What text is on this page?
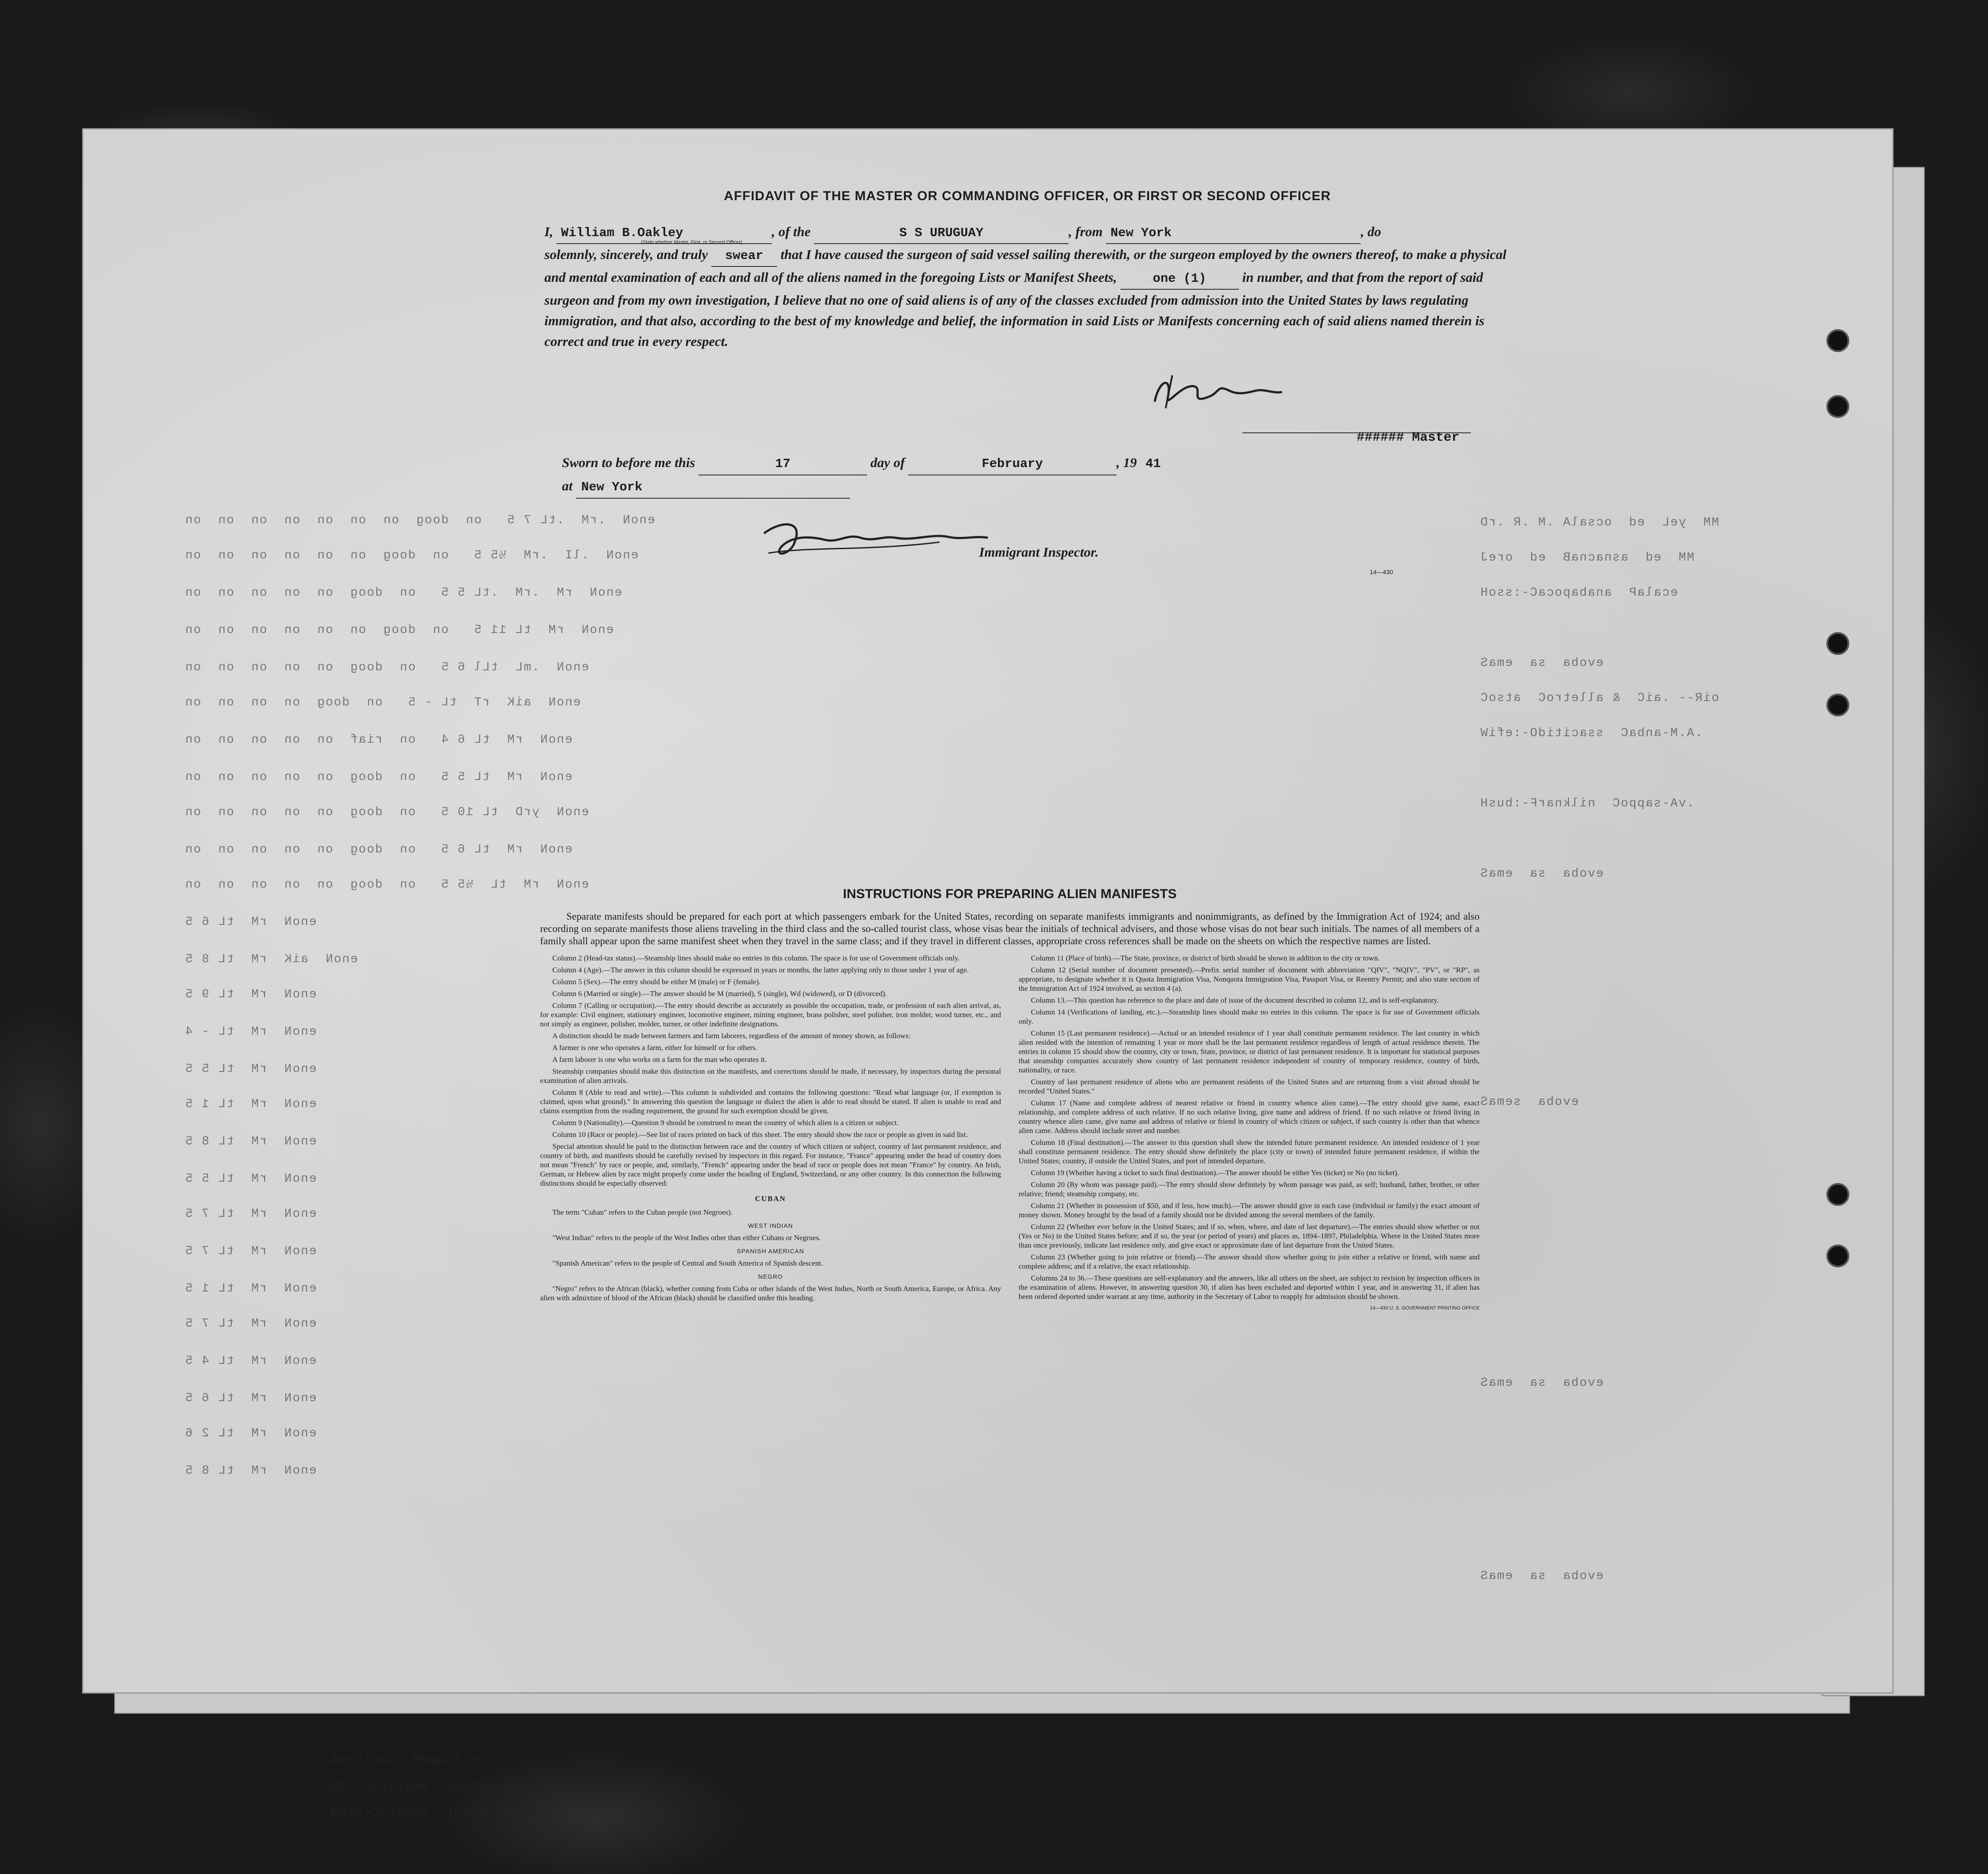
enoN  .rM  .tL 7 5   on  doog  on  on  on  on  on  on  on
enoN  .lI  .rM  ½5 5   on  doog  on  on  on  on  on  on
enoN  rM  .rM  .tL 5 5   on  doog  on  on  on  on  on
enoN  rM  tL 11 5   on  doog  on  on  on  on  on  on
enoN  .mL  tLl 6 5   on  doog  on  on  on  on  on
enoN  aiK  rT  tL - 5   on  doog  on  on  on  on
enoN  rM  tL 6 4   on  riaf  on  on  on  on  on
enoN  rM  tL 5 5   on  doog  on  on  on  on  on
enoN  yrD  tL 10 5   on  doog  on  on  on  on  on
enoN  rM  tL 6 5   on  doog  on  on  on  on  on
enoN  rM  tL  ½5 5   on  doog  on  on  on  on  on
enoN  rM  tL 6 5
enoN  aiK  rM  tL 8 5
enoN  rM  tL 9 5
enoN  rM  tL - 4
enoN  rM  tL 5 5
enoN  rM  tL 1 5
enoN  rM  tL 8 5
enoN  rM  tL 5 5
enoN  rM  tL 7 5
enoN  rM  tL 7 5
enoN  rM  tL 1 5
enoN  rM  tL 7 5
enoN  rM  tL 4 5
enoN  rM  tL 6 5
enoN  rM  tL 2 6
enoN  rM  tL 8 5
MM  yeL  ed  ocsalA .M .R .rD
MM  ed  asnacnaB  ed  oreJ
ecalaP  anabapocaC-:ssoH
evoba  sa  emaS
oiR-- .aiC  & alletroC  atsoC
.A.M-anbaC  ssacitidO-:efiW
.vA-sappoC  nilknarF-:busH
evoba  sa  emaS
evoba  semaS
evoba  sa  emaS
evoba  sa  emaS
seilbupeR  naciremA
noissimmoC  emitiraM  SU
.cnI  seniL  kcamroC-eroM
AFFIDAVIT OF THE MASTER OR COMMANDING OFFICER, OR FIRST OR SECOND OFFICER
I, William B.Oakley	, of the	S S URUGUAY	, from New York	, do
solemnly, sincerely, and truly swear that I have caused the surgeon of said vessel sailing therewith, or the surgeon employed by the owners thereof, to make a physical and mental examination of each and all of the aliens named in the foregoing Lists or Manifest Sheets,	one (1)	in number, and that from the report of said surgeon and from my own investigation, I believe that no one of said aliens is of any of the classes excluded from admission into the United States by laws regulating immigration, and that also, according to the best of my knowledge and belief, the information in said Lists or Manifests concerning each of said aliens named therein is correct and true in every respect.
(State whether Master, First, or Second Officer)
###### Master
Sworn to before me this	17	day of	February	, 19 41
at New York
Immigrant Inspector.
14—430
INSTRUCTIONS FOR PREPARING ALIEN MANIFESTS
Separate manifests should be prepared for each port at which passengers embark for the United States, recording on separate manifests immigrants and nonimmigrants, as defined by the Immigration Act of 1924; and also recording on separate manifests those aliens traveling in the third class and the so-called tourist class, whose visas bear the initials of technical advisers, and those whose visas do not bear such initials. The names of all members of a family shall appear upon the same manifest sheet when they travel in the same class; and if they travel in different classes, appropriate cross references shall be made on the sheets on which the respective names are listed.

Column 2 (Head-tax status).—Steamship lines should make no entries in this column. The space is for use of Government officials only.

Column 4 (Age).—The answer in this column should be expressed in years or months, the latter applying only to those under 1 year of age.

Column 5 (Sex).—The entry should be either M (male) or F (female).

Column 6 (Married or single).—The answer should be M (married), S (single), Wd (widowed), or D (divorced).

Column 7 (Calling or occupation).—The entry should describe as accurately as possible the occupation, trade, or profession of each alien arrival, as, for example: Civil engineer, stationary engineer, locomotive engineer, mining engineer, brass polisher, steel polisher, iron molder, wood turner, etc., and not simply as engineer, polisher, molder, turner, or other indefinite designations.

A distinction should be made between farmers and farm laborers, regardless of the amount of money shown, as follows:

A farmer is one who operates a farm, either for himself or for others.

A farm laborer is one who works on a farm for the man who operates it.

Steamship companies should make this distinction on the manifests, and corrections should be made, if necessary, by inspectors during the personal examination of alien arrivals.

Column 8 (Able to read and write).—This column is subdivided and contains the following questions: "Read what language (or, if exemption is claimed, upon what ground)." In answering this question the language or dialect the alien is able to read should be stated. If alien is unable to read and claims exemption from the reading requirement, the ground for such exemption should be given.

Column 9 (Nationality).—Question 9 should be construed to mean the country of which alien is a citizen or subject.

Column 10 (Race or people).—See list of races printed on back of this sheet. The entry should show the race or people as given in said list.

Special attention should be paid to the distinction between race and the country of which citizen or subject, country of last permanent residence, and country of birth, and manifests should be carefully revised by inspectors in this regard. For instance, "France" appearing under the head of country does not mean "French" by race or people, and, similarly, "French" appearing under the head of race or people does not mean "France" by country. An Irish, German, or Hebrew alien by race might properly come under the heading of England, Switzerland, or any other country. In this connection the following distinctions should be especially observed:

CUBAN

The term "Cuban" refers to the Cuban people (not Negroes).

WEST INDIAN

"West Indian" refers to the people of the West Indies other than either Cubans or Negroes.

SPANISH AMERICAN

"Spanish American" refers to the people of Central and South America of Spanish descent.

NEGRO

"Negro" refers to the African (black), whether coming from Cuba or other islands of the West Indies, North or South America, Europe, or Africa. Any alien with admixture of blood of the African (black) should be classified under this heading.

Column 11 (Place of birth).—The State, province, or district of birth should be shown in addition to the city or town.

Column 12 (Serial number of document presented).—Prefix serial number of document with abbreviation "QIV", "NQIV", "PV", or "RP", as appropriate, to designate whether it is Quota Immigration Visa, Nonquota Immigration Visa, Passport Visa, or Reentry Permit; and also state section of the Immigration Act of 1924 involved, as section 4 (a).

Column 13.—This question has reference to the place and date of issue of the document described in column 12, and is self-explanatory.

Column 14 (Verifications of landing, etc.).—Steamship lines should make no entries in this column. The space is for use of Government officials only.

Column 15 (Last permanent residence).—Actual or an intended residence of 1 year shall constitute permanent residence. The last country in which alien resided with the intention of remaining 1 year or more shall be the last permanent residence regardless of length of actual residence therein. The entries in column 15 should show the country, city or town, State, province, or district of last permanent residence. It is important for statistical purposes that steamship companies accurately show country of last permanent residence independent of country of temporary residence, country of birth, nationality, or race.

Country of last permanent residence of aliens who are permanent residents of the United States and are returning from a visit abroad should be recorded "United States."

Column 17 (Name and complete address of nearest relative or friend in country whence alien came).—The entry should give name, exact relationship, and complete address of such relative. If no such relative living, give name and address of friend. If no such relative or friend living in country whence alien came, give name and address of relative or friend in country of which citizen or subject, if such country is other than that whence alien came. Address should include street and number.

Column 18 (Final destination).—The answer to this question shall show the intended future permanent residence. An intended residence of 1 year shall constitute permanent residence. The entry should show definitely the place (city or town) of intended future permanent residence, if within the United States; country, if outside the United States, and port of intended departure.

Column 19 (Whether having a ticket to such final destination).—The answer should be either Yes (ticket) or No (no ticket).

Column 20 (By whom was passage paid).—The entry should show definitely by whom passage was paid, as self; husband, father, brother, or other relative; friend; steamship company, etc.

Column 21 (Whether in possession of $50, and if less, how much).—The answer should give in each case (individual or family) the exact amount of money shown. Money brought by the head of a family should not be divided among the several members of the family.

Column 22 (Whether ever before in the United States; and if so, when, where, and date of last departure).—The entries should show whether or not (Yes or No) in the United States before; and if so, the year (or period of years) and places as, 1894–1897, Philadelphia. Where in the United States more than once previously, indicate last residence only, and give exact or approximate date of last departure from the United States.

Column 23 (Whether going to join relative or friend).—The answer should show whether going to join either a relative or friend, with name and complete address; and if a relative, the exact relationship.

Columns 24 to 36.—These questions are self-explanatory and the answers, like all others on the sheet, are subject to revision by inspection officers in the examination of aliens. However, in answering question 30, if alien has been excluded and deported within 1 year, and in answering 31, if alien has been ordered deported under warrant at any time, authority in the Secretary of Labor to reapply for admission should be shown.

14—430 U. S. GOVERNMENT PRINTING OFFICE
